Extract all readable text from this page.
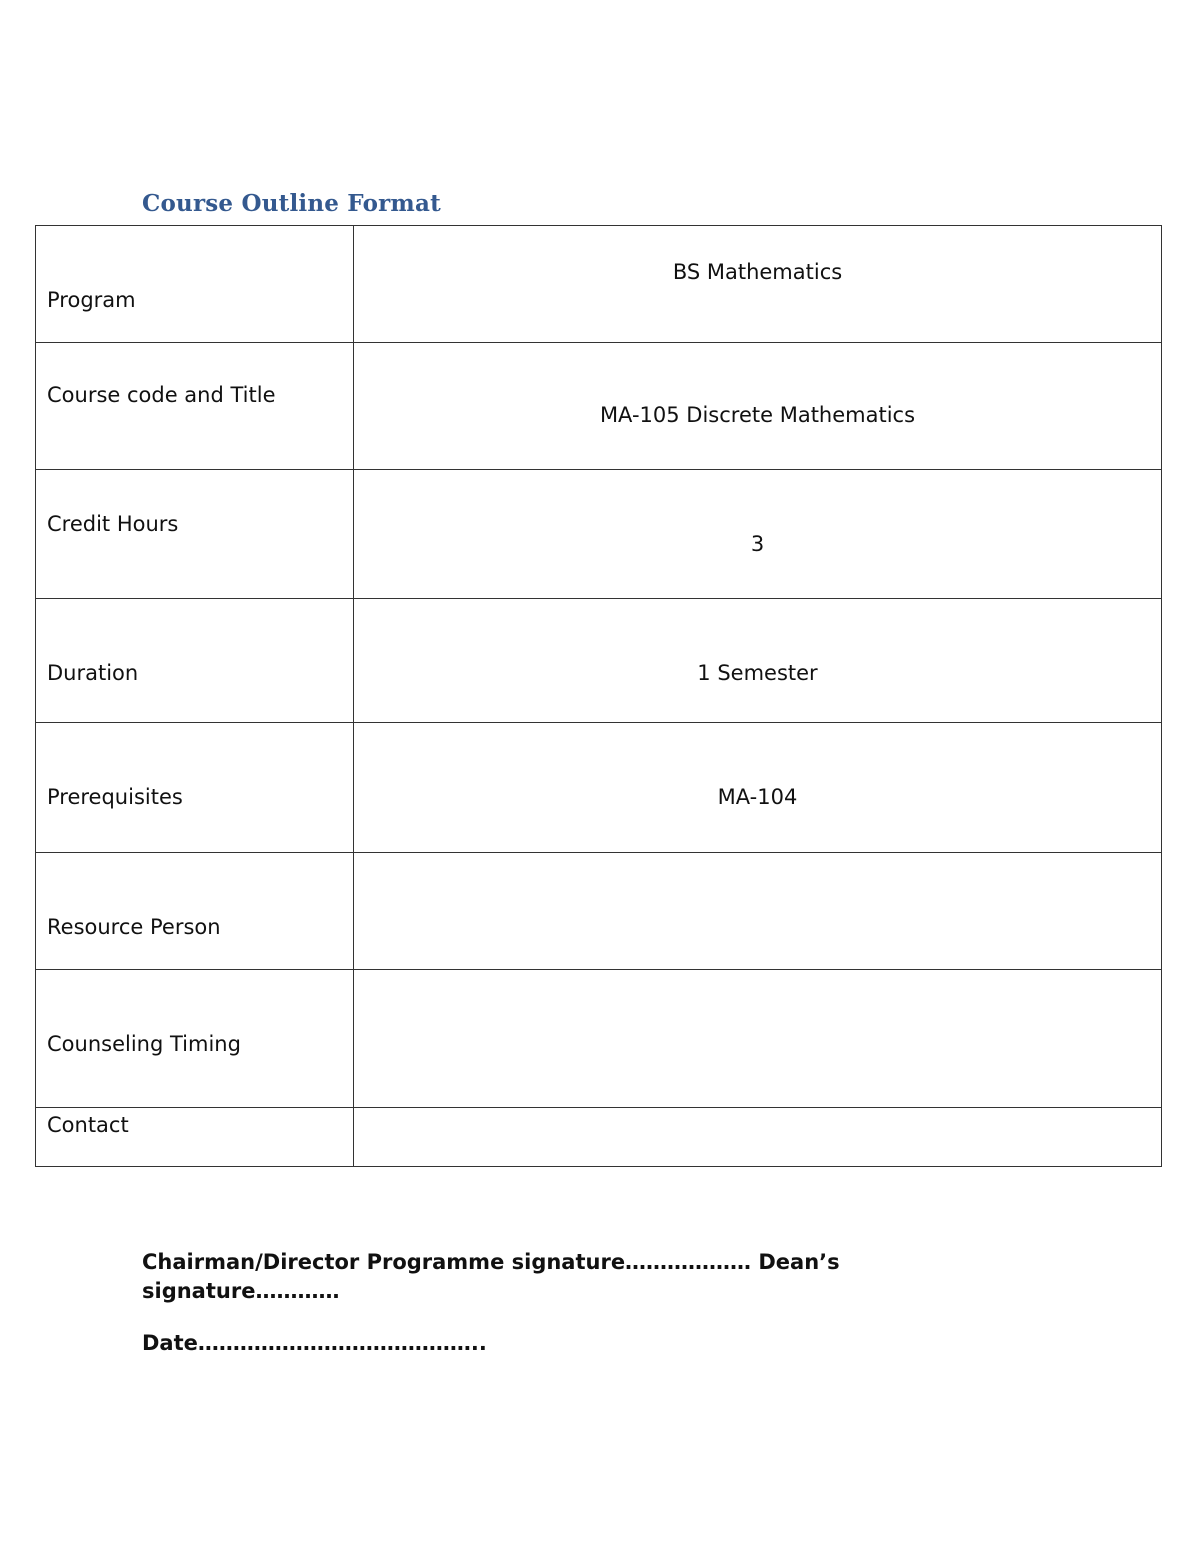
Course Outline Format
Program	BS Mathematics

Course code and Title	MA-105 Discrete Mathematics

Credit Hours	3

Duration	1 Semester

Prerequisites	MA-104

Resource Person	

Counseling Timing	

Contact	

Chairman/Director Programme signature……………… Dean’s
signature…………
Date…………………………………..
